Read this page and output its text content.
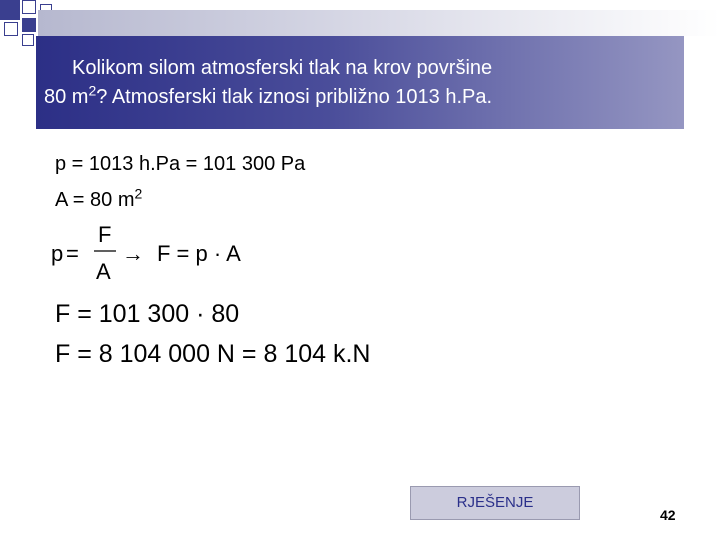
Kolikom silom atmosferski tlak na krov površine
80 $m^2$? Atmosferski tlak iznosi približno 1013 h.Pa.
p = 1013 h.Pa = 101 300 Pa
A = 80 $m^2$
p =
F
A
→ F = p · A
F = 101 300 · 80
F = 8 104 000 N = 8 104 k.N
RJEŠENJE
42
